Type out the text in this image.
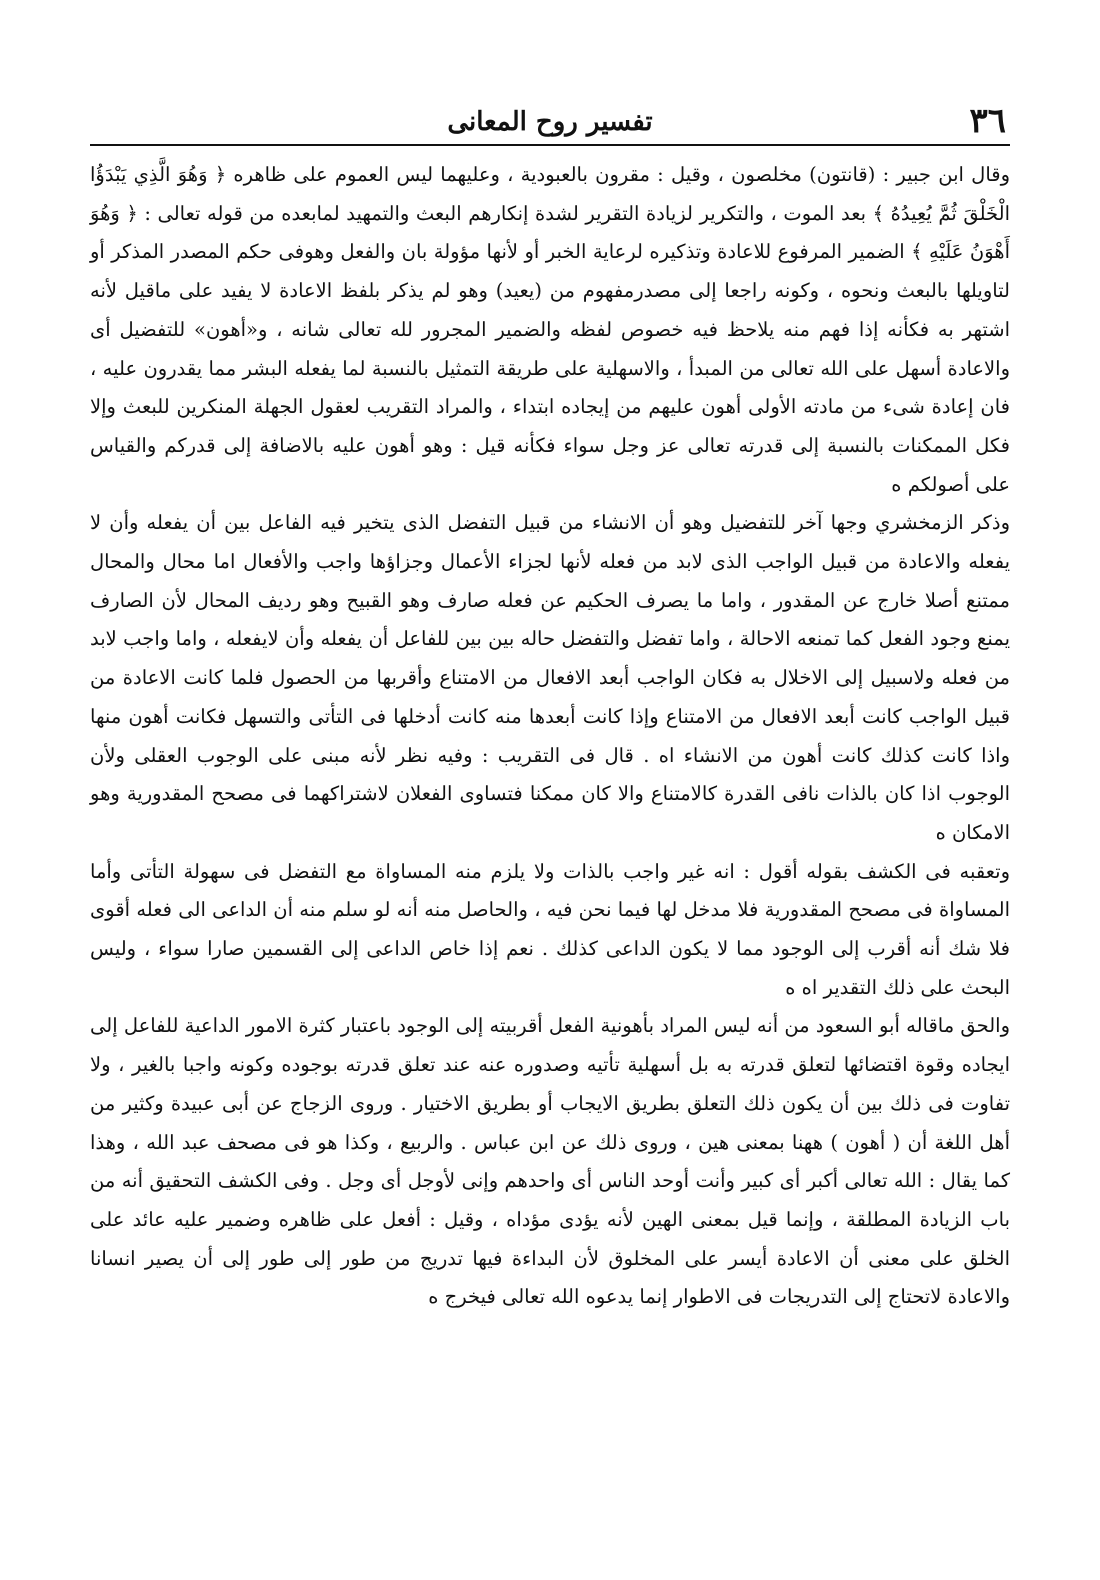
٣٦
تفسير روح المعانى

وقال ابن جبير : (قانتون) مخلصون ، وقيل : مقرون بالعبودية ، وعليهما ليس العموم على ظاهره ﴿ وَهُوَ الَّذِي يَبْدَؤُا الْخَلْقَ ثُمَّ يُعِيدُهُ ﴾ بعد الموت ، والتكرير لزيادة التقرير لشدة إنكارهم البعث والتمهيد لمابعده من قوله تعالى : ﴿ وَهُوَ أَهْوَنُ عَلَيْهِ ﴾ الضمير المرفوع للاعادة وتذكيره لرعاية الخبر أو لأنها مؤولة بان والفعل وهوفى حكم المصدر المذكر أو لتاويلها بالبعث ونحوه ، وكونه راجعا إلى مصدرمفهوم من (يعيد) وهو لم يذكر بلفظ الاعادة لا يفيد على ماقيل لأنه اشتهر به فكأنه إذا فهم منه يلاحظ فيه خصوص لفظه والضمير المجرور لله تعالى شانه ، و«أهون» للتفضيل أى والاعادة أسهل على الله تعالى من المبدأ ، والاسهلية على طريقة التمثيل بالنسبة لما يفعله البشر مما يقدرون عليه ، فان إعادة شىء من مادته الأولى أهون عليهم من إيجاده ابتداء ، والمراد التقريب لعقول الجهلة المنكرين للبعث وإلا فكل الممكنات بالنسبة إلى قدرته تعالى عز وجل سواء فكأنه قيل : وهو أهون عليه بالاضافة إلى قدركم والقياس على أصولكم ه

وذكر الزمخشري وجها آخر للتفضيل وهو أن الانشاء من قبيل التفضل الذى يتخير فيه الفاعل بين أن يفعله وأن لا يفعله والاعادة من قبيل الواجب الذى لابد من فعله لأنها لجزاء الأعمال وجزاؤها واجب والأفعال اما محال والمحال ممتنع أصلا خارج عن المقدور ، واما ما يصرف الحكيم عن فعله صارف وهو القبيح وهو رديف المحال لأن الصارف يمنع وجود الفعل كما تمنعه الاحالة ، واما تفضل والتفضل حاله بين بين للفاعل أن يفعله وأن لايفعله ، واما واجب لابد من فعله ولاسبيل إلى الاخلال به فكان الواجب أبعد الافعال من الامتناع وأقربها من الحصول فلما كانت الاعادة من قبيل الواجب كانت أبعد الافعال من الامتناع وإذا كانت أبعدها منه كانت أدخلها فى التأتى والتسهل فكانت أهون منها واذا كانت كذلك كانت أهون من الانشاء اه . قال فى التقريب : وفيه نظر لأنه مبنى على الوجوب العقلى ولأن الوجوب اذا كان بالذات نافى القدرة كالامتناع والا كان ممكنا فتساوى الفعلان لاشتراكهما فى مصحح المقدورية وهو الامكان ه

وتعقبه فى الكشف بقوله أقول : انه غير واجب بالذات ولا يلزم منه المساواة مع التفضل فى سهولة التأتى وأما المساواة فى مصحح المقدورية فلا مدخل لها فيما نحن فيه ، والحاصل منه أنه لو سلم منه أن الداعى الى فعله أقوى فلا شك أنه أقرب إلى الوجود مما لا يكون الداعى كذلك . نعم إذا خاص الداعى إلى القسمين صارا سواء ، وليس البحث على ذلك التقدير اه ه

والحق ماقاله أبو السعود من أنه ليس المراد بأهونية الفعل أقربيته إلى الوجود باعتبار كثرة الامور الداعية للفاعل إلى ايجاده وقوة اقتضائها لتعلق قدرته به بل أسهلية تأتيه وصدوره عنه عند تعلق قدرته بوجوده وكونه واجبا بالغير ، ولا تفاوت فى ذلك بين أن يكون ذلك التعلق بطريق الايجاب أو بطريق الاختيار . وروى الزجاج عن أبى عبيدة وكثير من أهل اللغة أن ( أهون ) ههنا بمعنى هين ، وروى ذلك عن ابن عباس . والربيع ، وكذا هو فى مصحف عبد الله ، وهذا كما يقال : الله تعالى أكبر أى كبير وأنت أوحد الناس أى واحدهم وإنى لأوجل أى وجل . وفى الكشف التحقيق أنه من باب الزيادة المطلقة ، وإنما قيل بمعنى الهين لأنه يؤدى مؤداه ، وقيل : أفعل على ظاهره وضمير عليه عائد على الخلق على معنى أن الاعادة أيسر على المخلوق لأن البداءة فيها تدريج من طور إلى طور إلى أن يصير انسانا والاعادة لاتحتاج إلى التدريجات فى الاطوار إنما يدعوه الله تعالى فيخرج ه
